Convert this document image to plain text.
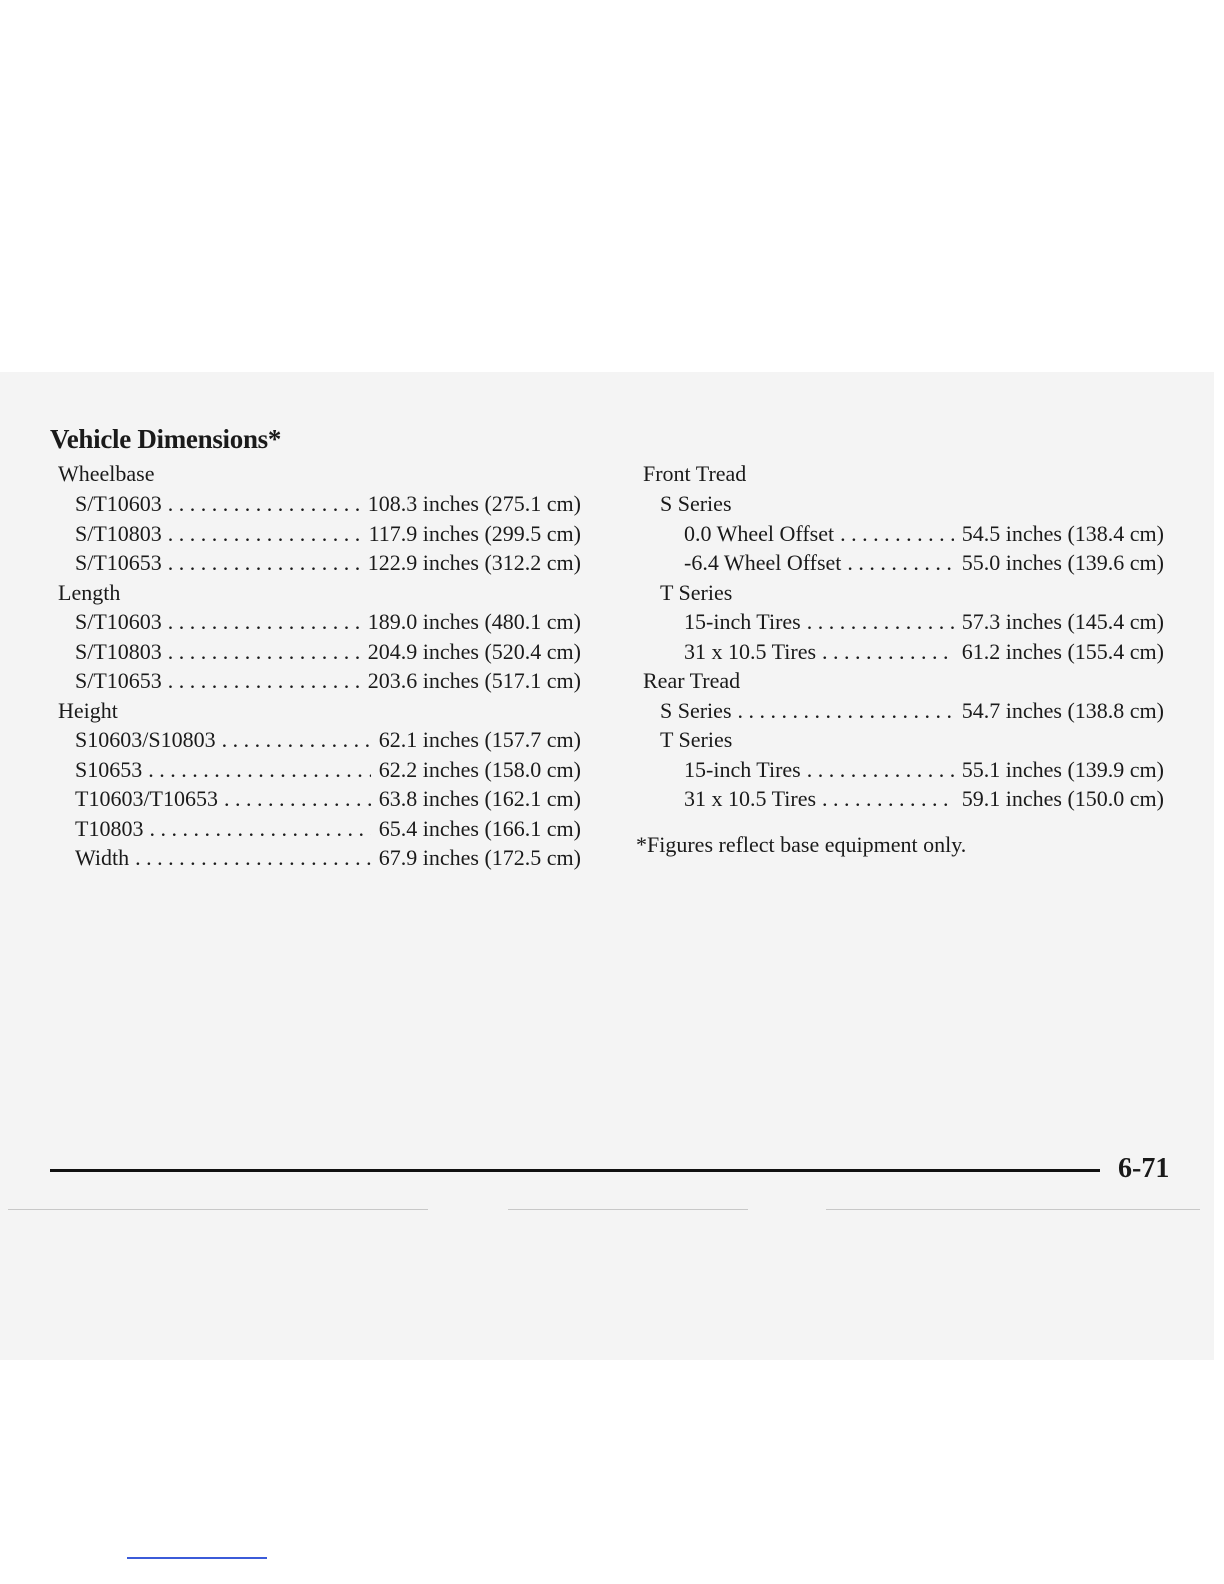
Vehicle Dimensions*
Wheelbase
S/T10603 . . .	108.3 inches (275.1 cm)
S/T10803 . . .	117.9 inches (299.5 cm)
S/T10653 . . .	122.9 inches (312.2 cm)
Length
S/T10603 . . .	189.0 inches (480.1 cm)
S/T10803 . . .	204.9 inches (520.4 cm)
S/T10653 . . .	203.6 inches (517.1 cm)
Height
S10603/S10803 . . .	62.1 inches (157.7 cm)
S10653 . . .	62.2 inches (158.0 cm)
T10603/T10653 . . .	63.8 inches (162.1 cm)
T10803 . . .	65.4 inches (166.1 cm)
Width . . .	67.9 inches (172.5 cm)
Front Tread
S Series
0.0 Wheel Offset . . .	54.5 inches (138.4 cm)
-6.4 Wheel Offset . . .	55.0 inches (139.6 cm)
T Series
15-inch Tires . . .	57.3 inches (145.4 cm)
31 x 10.5 Tires . . .	61.2 inches (155.4 cm)
Rear Tread
S Series . . .	54.7 inches (138.8 cm)
T Series
15-inch Tires . . .	55.1 inches (139.9 cm)
31 x 10.5 Tires . . .	59.1 inches (150.0 cm)
*Figures reflect base equipment only.
6-71
